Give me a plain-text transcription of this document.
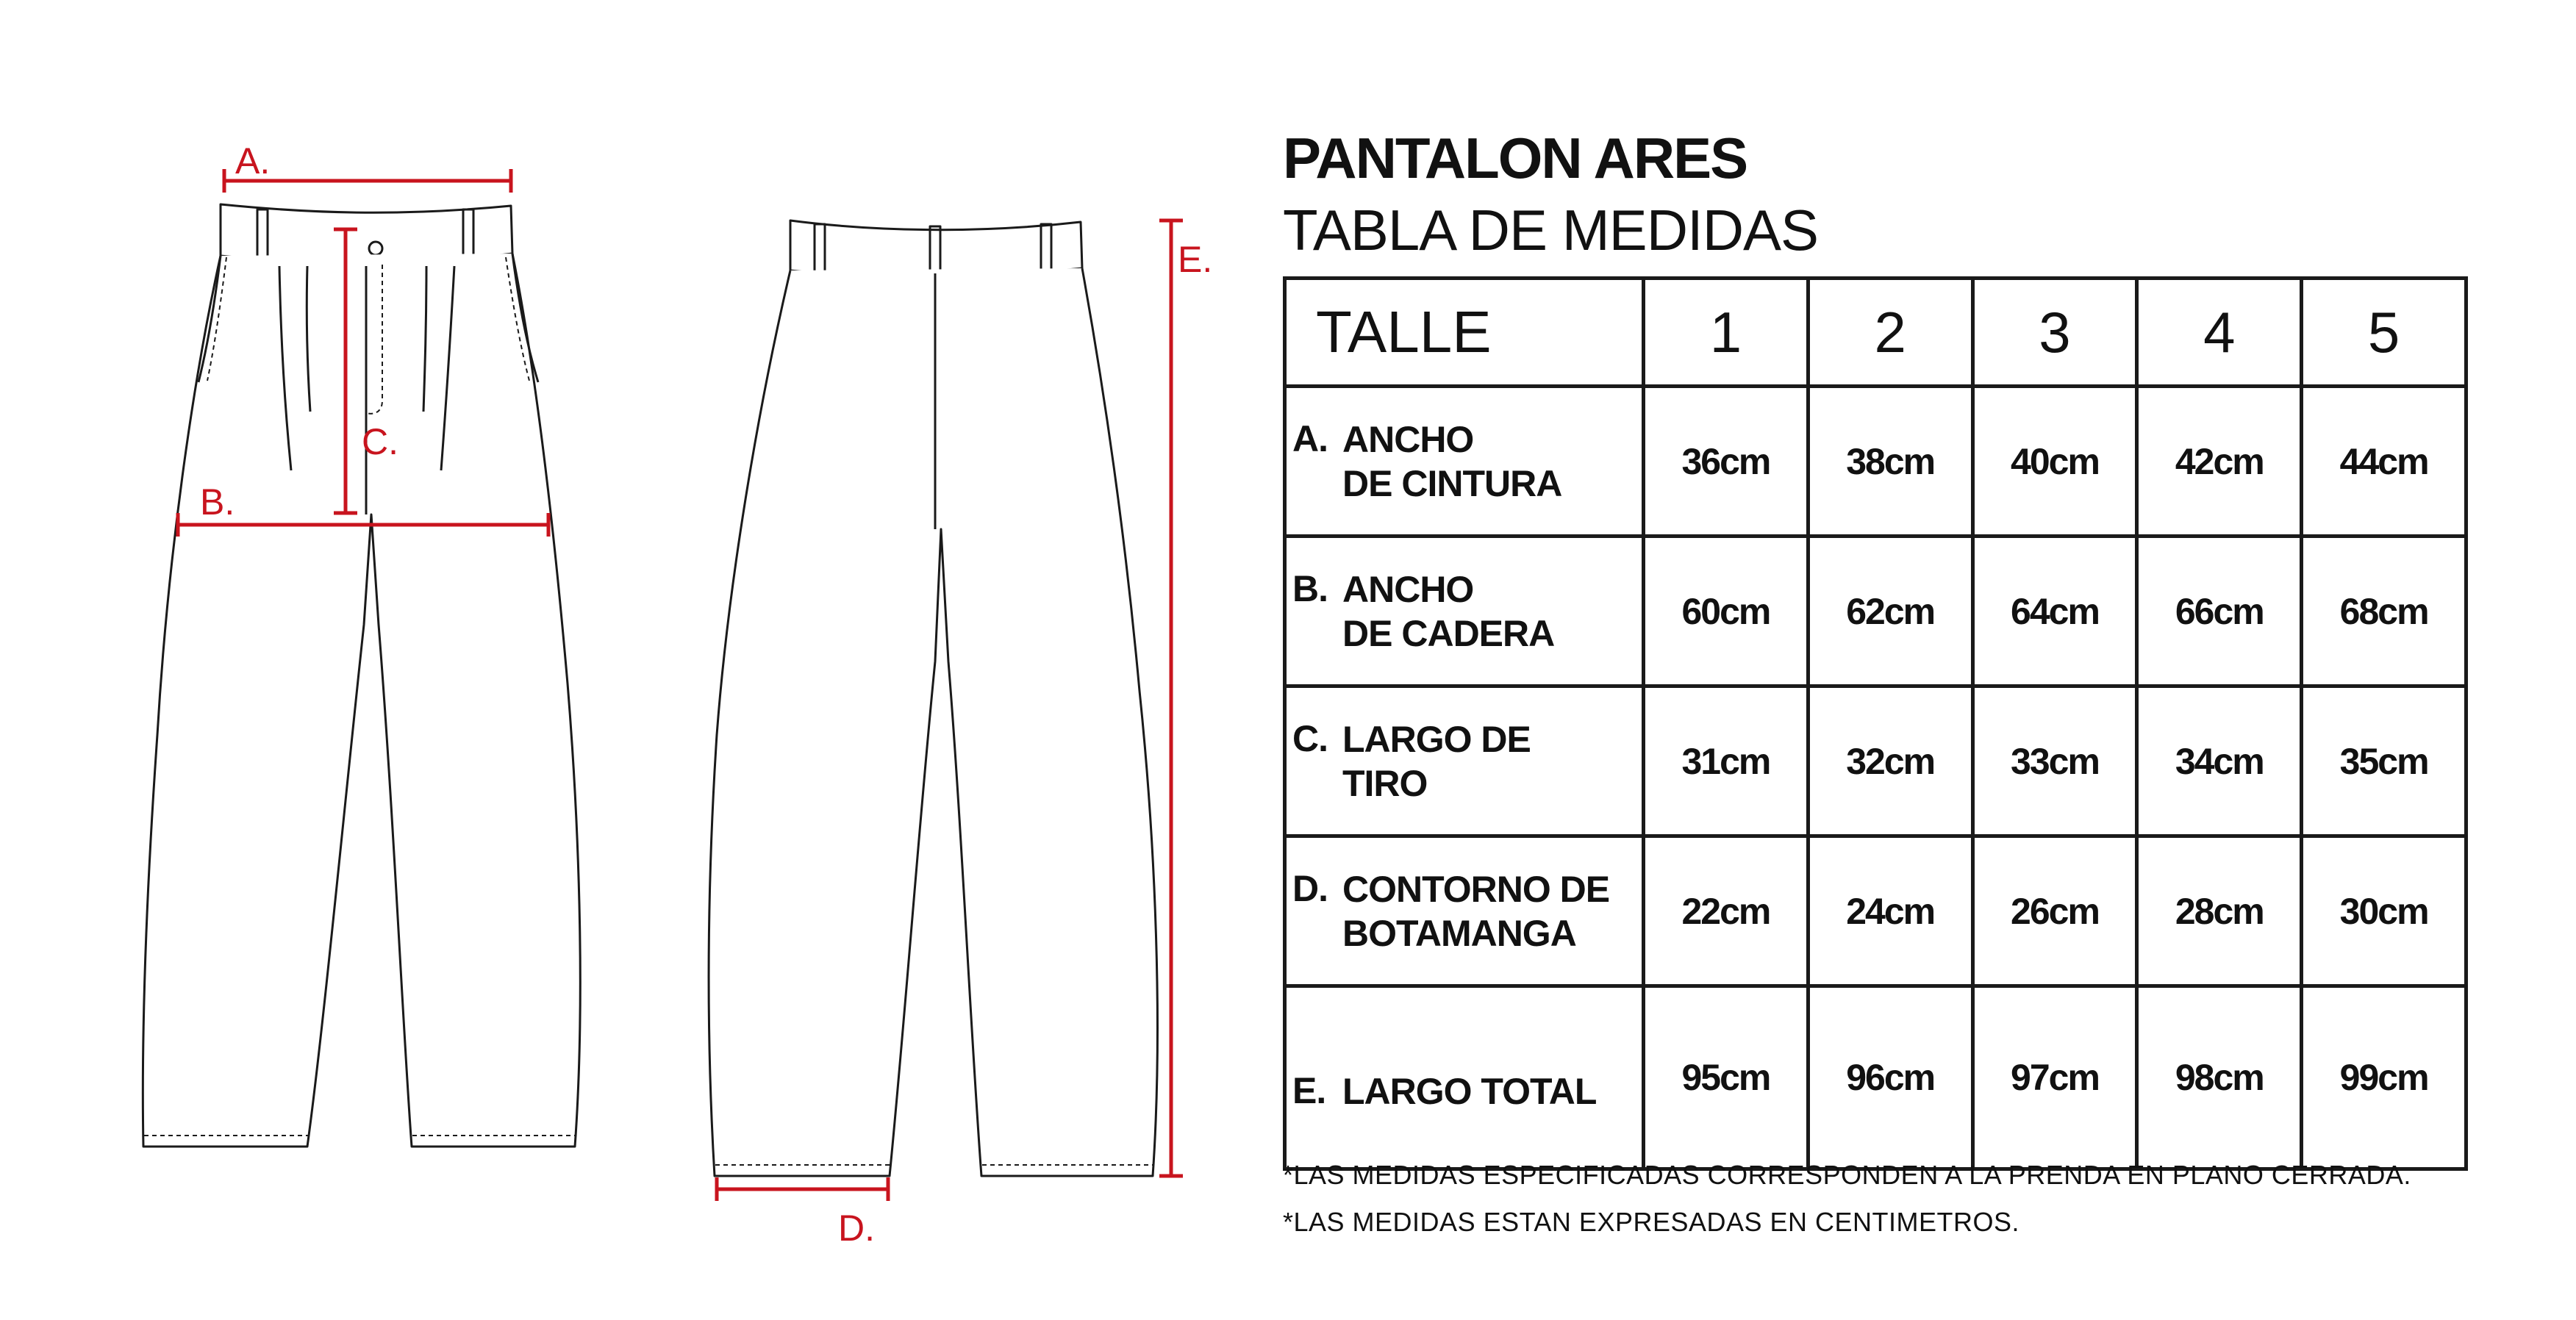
A.
B.
C.
D.
E.
PANTALON ARES
TABLA DE MEDIDAS
TALLE	1	2	3	4	5

A. ANCHO
DE CINTURA	36cm	38cm	40cm	42cm	44cm

B. ANCHO
DE CADERA	60cm	62cm	64cm	66cm	68cm

C. LARGO DE
TIRO	31cm	32cm	33cm	34cm	35cm

D. CONTORNO DE
BOTAMANGA	22cm	24cm	26cm	28cm	30cm

E. LARGO TOTAL	95cm	96cm	97cm	98cm	99cm
*LAS MEDIDAS ESPECIFICADAS CORRESPONDEN A LA PRENDA EN PLANO CERRADA.
*LAS MEDIDAS ESTAN EXPRESADAS EN CENTIMETROS.
